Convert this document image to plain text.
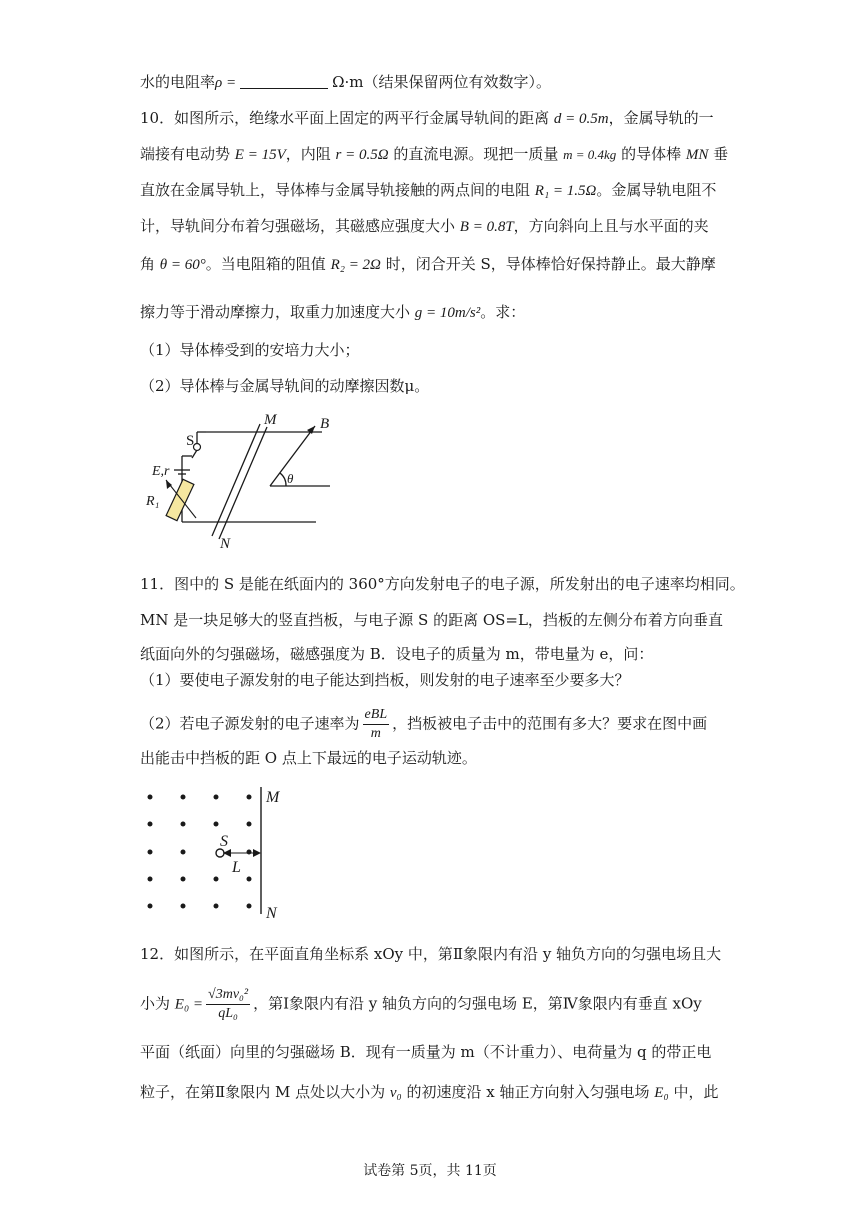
水的电阻率ρ =	Ω·m（结果保留两位有效数字）。
10．如图所示，绝缘水平面上固定的两平行金属导轨间的距离 d = 0.5m，金属导轨的一
端接有电动势 E = 15V，内阻 r = 0.5Ω 的直流电源。现把一质量 m = 0.4kg 的导体棒 MN 垂
直放在金属导轨上，导体棒与金属导轨接触的两点间的电阻 R₁ = 1.5Ω。金属导轨电阻不
计，导轨间分布着匀强磁场，其磁感应强度大小 B = 0.8T，方向斜向上且与水平面的夹
角 θ = 60°。当电阻箱的阻值 R₂ = 2Ω 时，闭合开关 S，导体棒恰好保持静止。最大静摩
擦力等于滑动摩擦力，取重力加速度大小 g = 10m/s²。求：
（1）导体棒受到的安培力大小；
（2）导体棒与金属导轨间的动摩擦因数μ。
M
N
B
θ
E,r
R₁
S
11．图中的 S 是能在纸面内的 360°方向发射电子的电子源，所发射出的电子速率均相同。
MN 是一块足够大的竖直挡板，与电子源 S 的距离 OS=L，挡板的左侧分布着方向垂直
纸面向外的匀强磁场，磁感强度为 B．设电子的质量为 m，带电量为 e，问：
（1）要使电子源发射的电子能达到挡板，则发射的电子速率至少要多大？
（2）若电子源发射的电子速率为 $\frac{\text{eBL}}{m}$ ，挡板被电子击中的范围有多大？要求在图中画
出能击中挡板的距 O 点上下最远的电子运动轨迹。
M
N
S
L
12．如图所示，在平面直角坐标系 xOy 中，第Ⅱ象限内有沿 y 轴负方向的匀强电场且大
小为 $E_0 = \frac{\text{√3mv₀²}}{\text{qL₀}}$ ，第Ⅰ象限内有沿 y 轴负方向的匀强电场 E，第Ⅳ象限内有垂直 xOy
平面（纸面）向里的匀强磁场 B．现有一质量为 m（不计重力）、电荷量为 q 的带正电
粒子，在第Ⅱ象限内 M 点处以大小为 v₀ 的初速度沿 x 轴正方向射入匀强电场 E₀ 中，此
试卷第 5页，共 11页
